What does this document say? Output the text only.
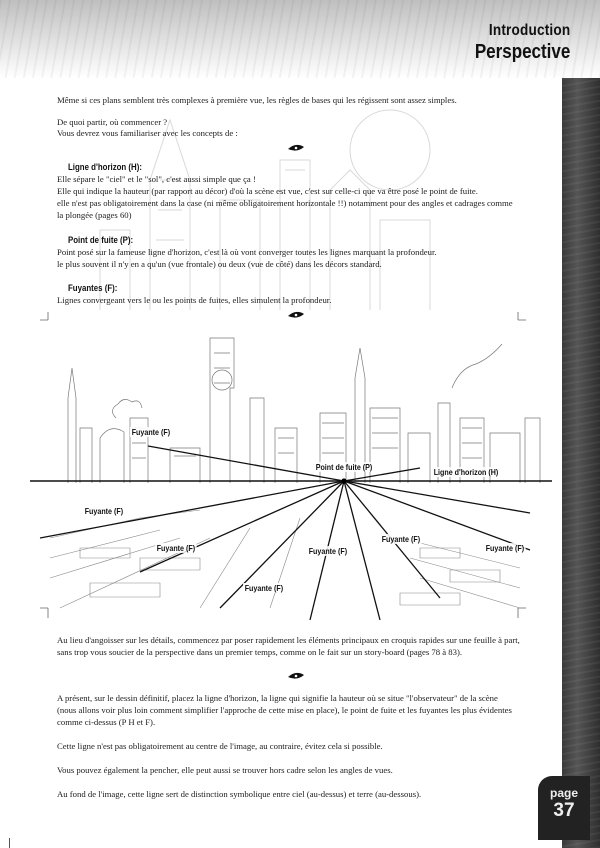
Introduction
Perspective
page
37
Même si ces plans semblent très complexes à première vue, les règles de bases qui les régissent sont assez simples.
De quoi partir, où commencer ?
Vous devrez vous familiariser avec les concepts de :
Ligne d'horizon (H):
Elle sépare le "ciel" et le "sol", c'est aussi simple que ça !
Elle qui indique la hauteur (par rapport au décor) d'où la scène est vue, c'est sur celle-ci que va être posé le point de fuite.
elle n'est pas obligatoirement dans la case (ni même obligatoirement horizontale !!) notamment pour des angles et cadrages comme
la plongée (pages 60)
Point de fuite (P):
Point posé sur la fameuse ligne d'horizon, c'est là où vont converger toutes les lignes marquant la profondeur.
le plus souvent il n'y en a qu'un (vue frontale) ou deux (vue de côté) dans les décors standard.
Fuyantes (F):
Lignes convergeant vers le ou les points de fuites, elles simulent la profondeur.
Fuyante (F)
Point de fuite (P)	Ligne d'horizon (H)
Fuyante (F)
Fuyante (F)	Fuyante (F)
Fuyante (F)
Fuyante (F)
Fuyante (F)
Au lieu d'angoisser sur les détails, commencez par poser rapidement les éléments principaux en croquis rapides sur une feuille à part,
sans trop vous soucier de la perspective dans un premier temps, comme on le fait sur un story-board (pages 78 à 83).
A présent, sur le dessin définitif, placez la ligne d'horizon, la ligne qui signifie la hauteur où se situe "l'observateur" de la scène
(nous allons voir plus loin comment simplifier l'approche de cette mise en place), le point de fuite et les fuyantes les plus évidentes
comme ci-dessus (P H et F).
Cette ligne n'est pas obligatoirement au centre de l'image, au contraire, évitez cela si possible.
Vous pouvez également la pencher, elle peut aussi se trouver hors cadre selon les angles de vues.
Au fond de l'image, cette ligne sert de distinction symbolique entre ciel (au-dessus) et terre (au-dessous).
